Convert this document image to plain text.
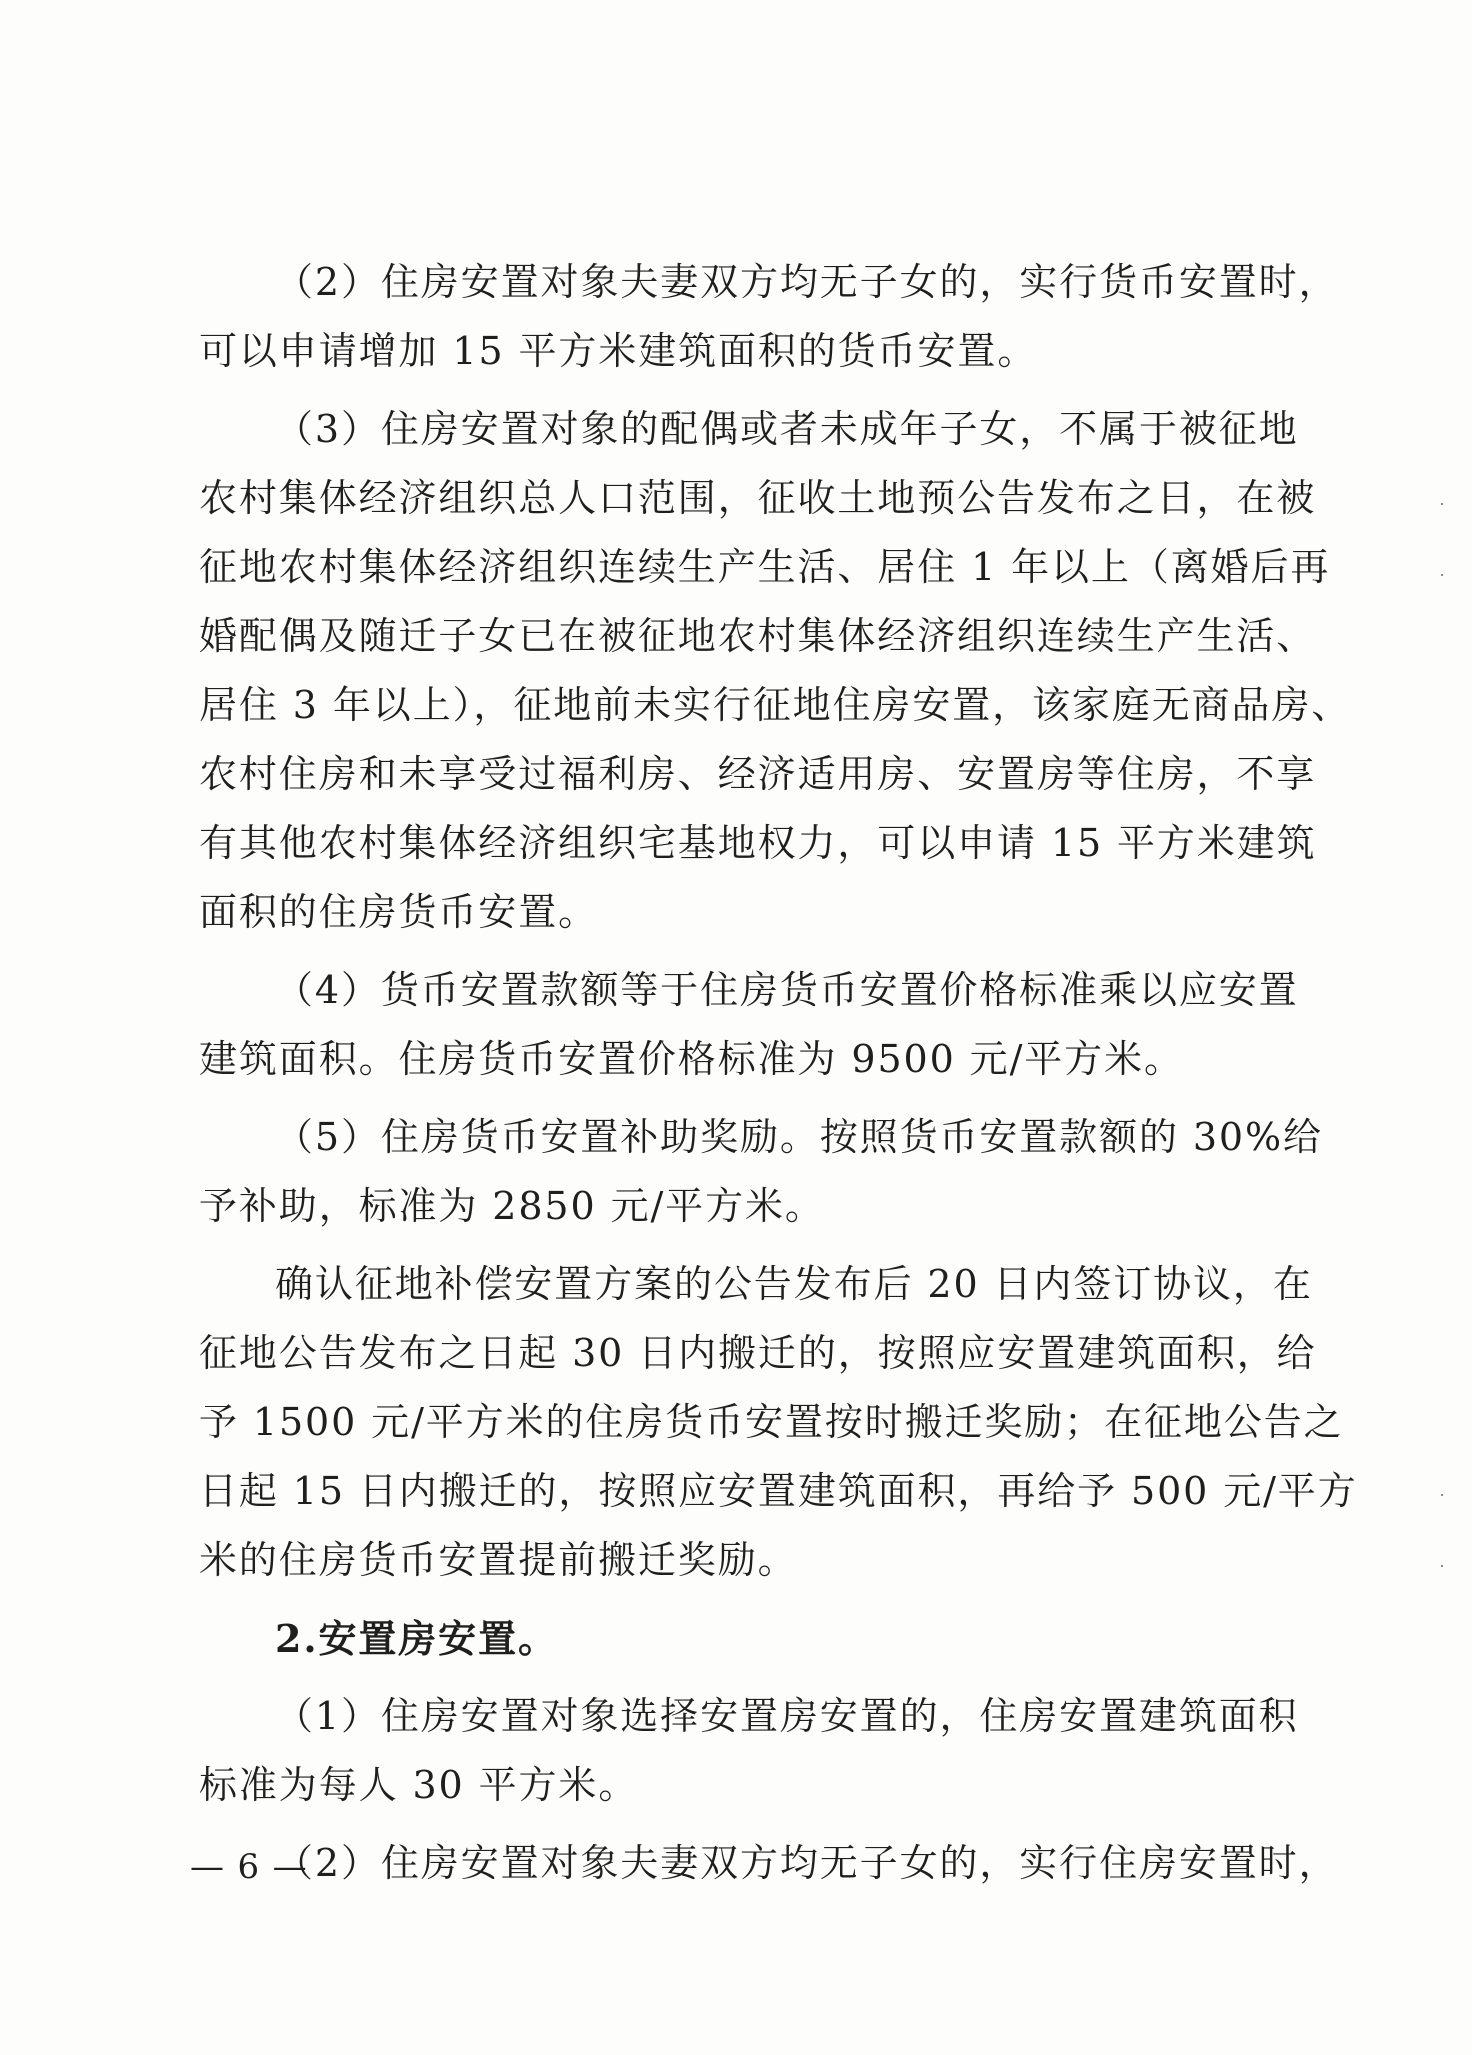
（2）住房安置对象夫妻双方均无子女的，实行货币安置时，
可以申请增加 15 平方米建筑面积的货币安置。
（3）住房安置对象的配偶或者未成年子女，不属于被征地
农村集体经济组织总人口范围，征收土地预公告发布之日，在被
征地农村集体经济组织连续生产生活、居住 1 年以上（离婚后再
婚配偶及随迁子女已在被征地农村集体经济组织连续生产生活、
居住 3 年以上），征地前未实行征地住房安置，该家庭无商品房、
农村住房和未享受过福利房、经济适用房、安置房等住房，不享
有其他农村集体经济组织宅基地权力，可以申请 15 平方米建筑
面积的住房货币安置。
（4）货币安置款额等于住房货币安置价格标准乘以应安置
建筑面积。住房货币安置价格标准为 9500 元/平方米。
（5）住房货币安置补助奖励。按照货币安置款额的 30%给
予补助，标准为 2850 元/平方米。
确认征地补偿安置方案的公告发布后 20 日内签订协议，在
征地公告发布之日起 30 日内搬迁的，按照应安置建筑面积，给
予 1500 元/平方米的住房货币安置按时搬迁奖励；在征地公告之
日起 15 日内搬迁的，按照应安置建筑面积，再给予 500 元/平方
米的住房货币安置提前搬迁奖励。
2.安置房安置。
（1）住房安置对象选择安置房安置的，住房安置建筑面积
标准为每人 30 平方米。
（2）住房安置对象夫妻双方均无子女的，实行住房安置时，
— 6 —
